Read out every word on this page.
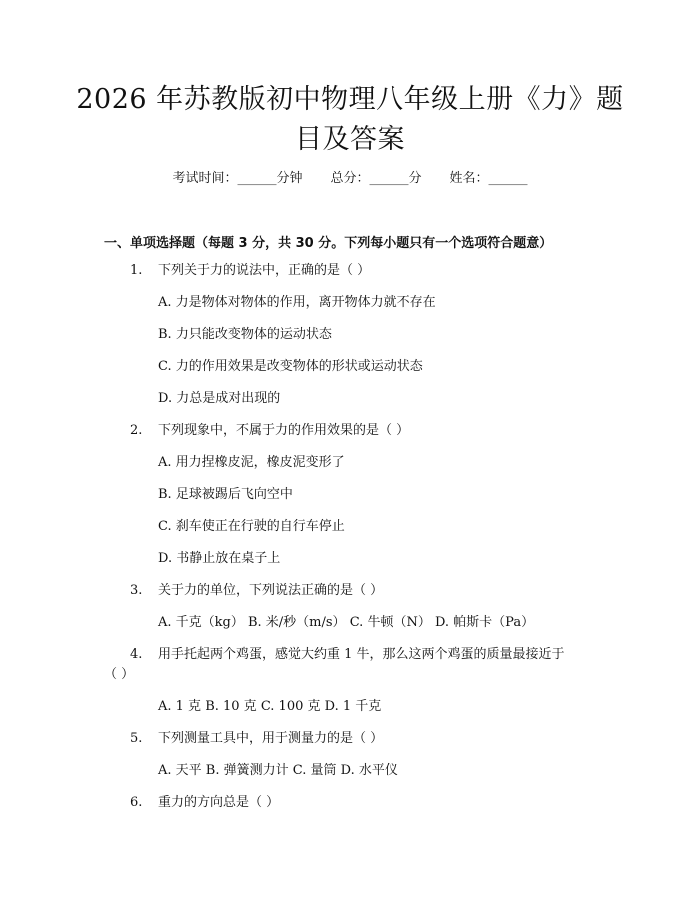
2026 年苏教版初中物理八年级上册《力》题
目及答案
考试时间：______分钟 总分：______分 姓名：______
一、单项选择题（每题 3 分，共 30 分。下列每小题只有一个选项符合题意）
1. 下列关于力的说法中，正确的是（ ）
A. 力是物体对物体的作用，离开物体力就不存在
B. 力只能改变物体的运动状态
C. 力的作用效果是改变物体的形状或运动状态
D. 力总是成对出现的
2. 下列现象中，不属于力的作用效果的是（ ）
A. 用力捏橡皮泥，橡皮泥变形了
B. 足球被踢后飞向空中
C. 刹车使正在行驶的自行车停止
D. 书静止放在桌子上
3. 关于力的单位，下列说法正确的是（ ）
A. 千克（kg） B. 米/秒（m/s） C. 牛顿（N） D. 帕斯卡（Pa）
4. 用手托起两个鸡蛋，感觉大约重 1 牛，那么这两个鸡蛋的质量最接近于
（ ）
A. 1 克 B. 10 克 C. 100 克 D. 1 千克
5. 下列测量工具中，用于测量力的是（ ）
A. 天平 B. 弹簧测力计 C. 量筒 D. 水平仪
6. 重力的方向总是（ ）
